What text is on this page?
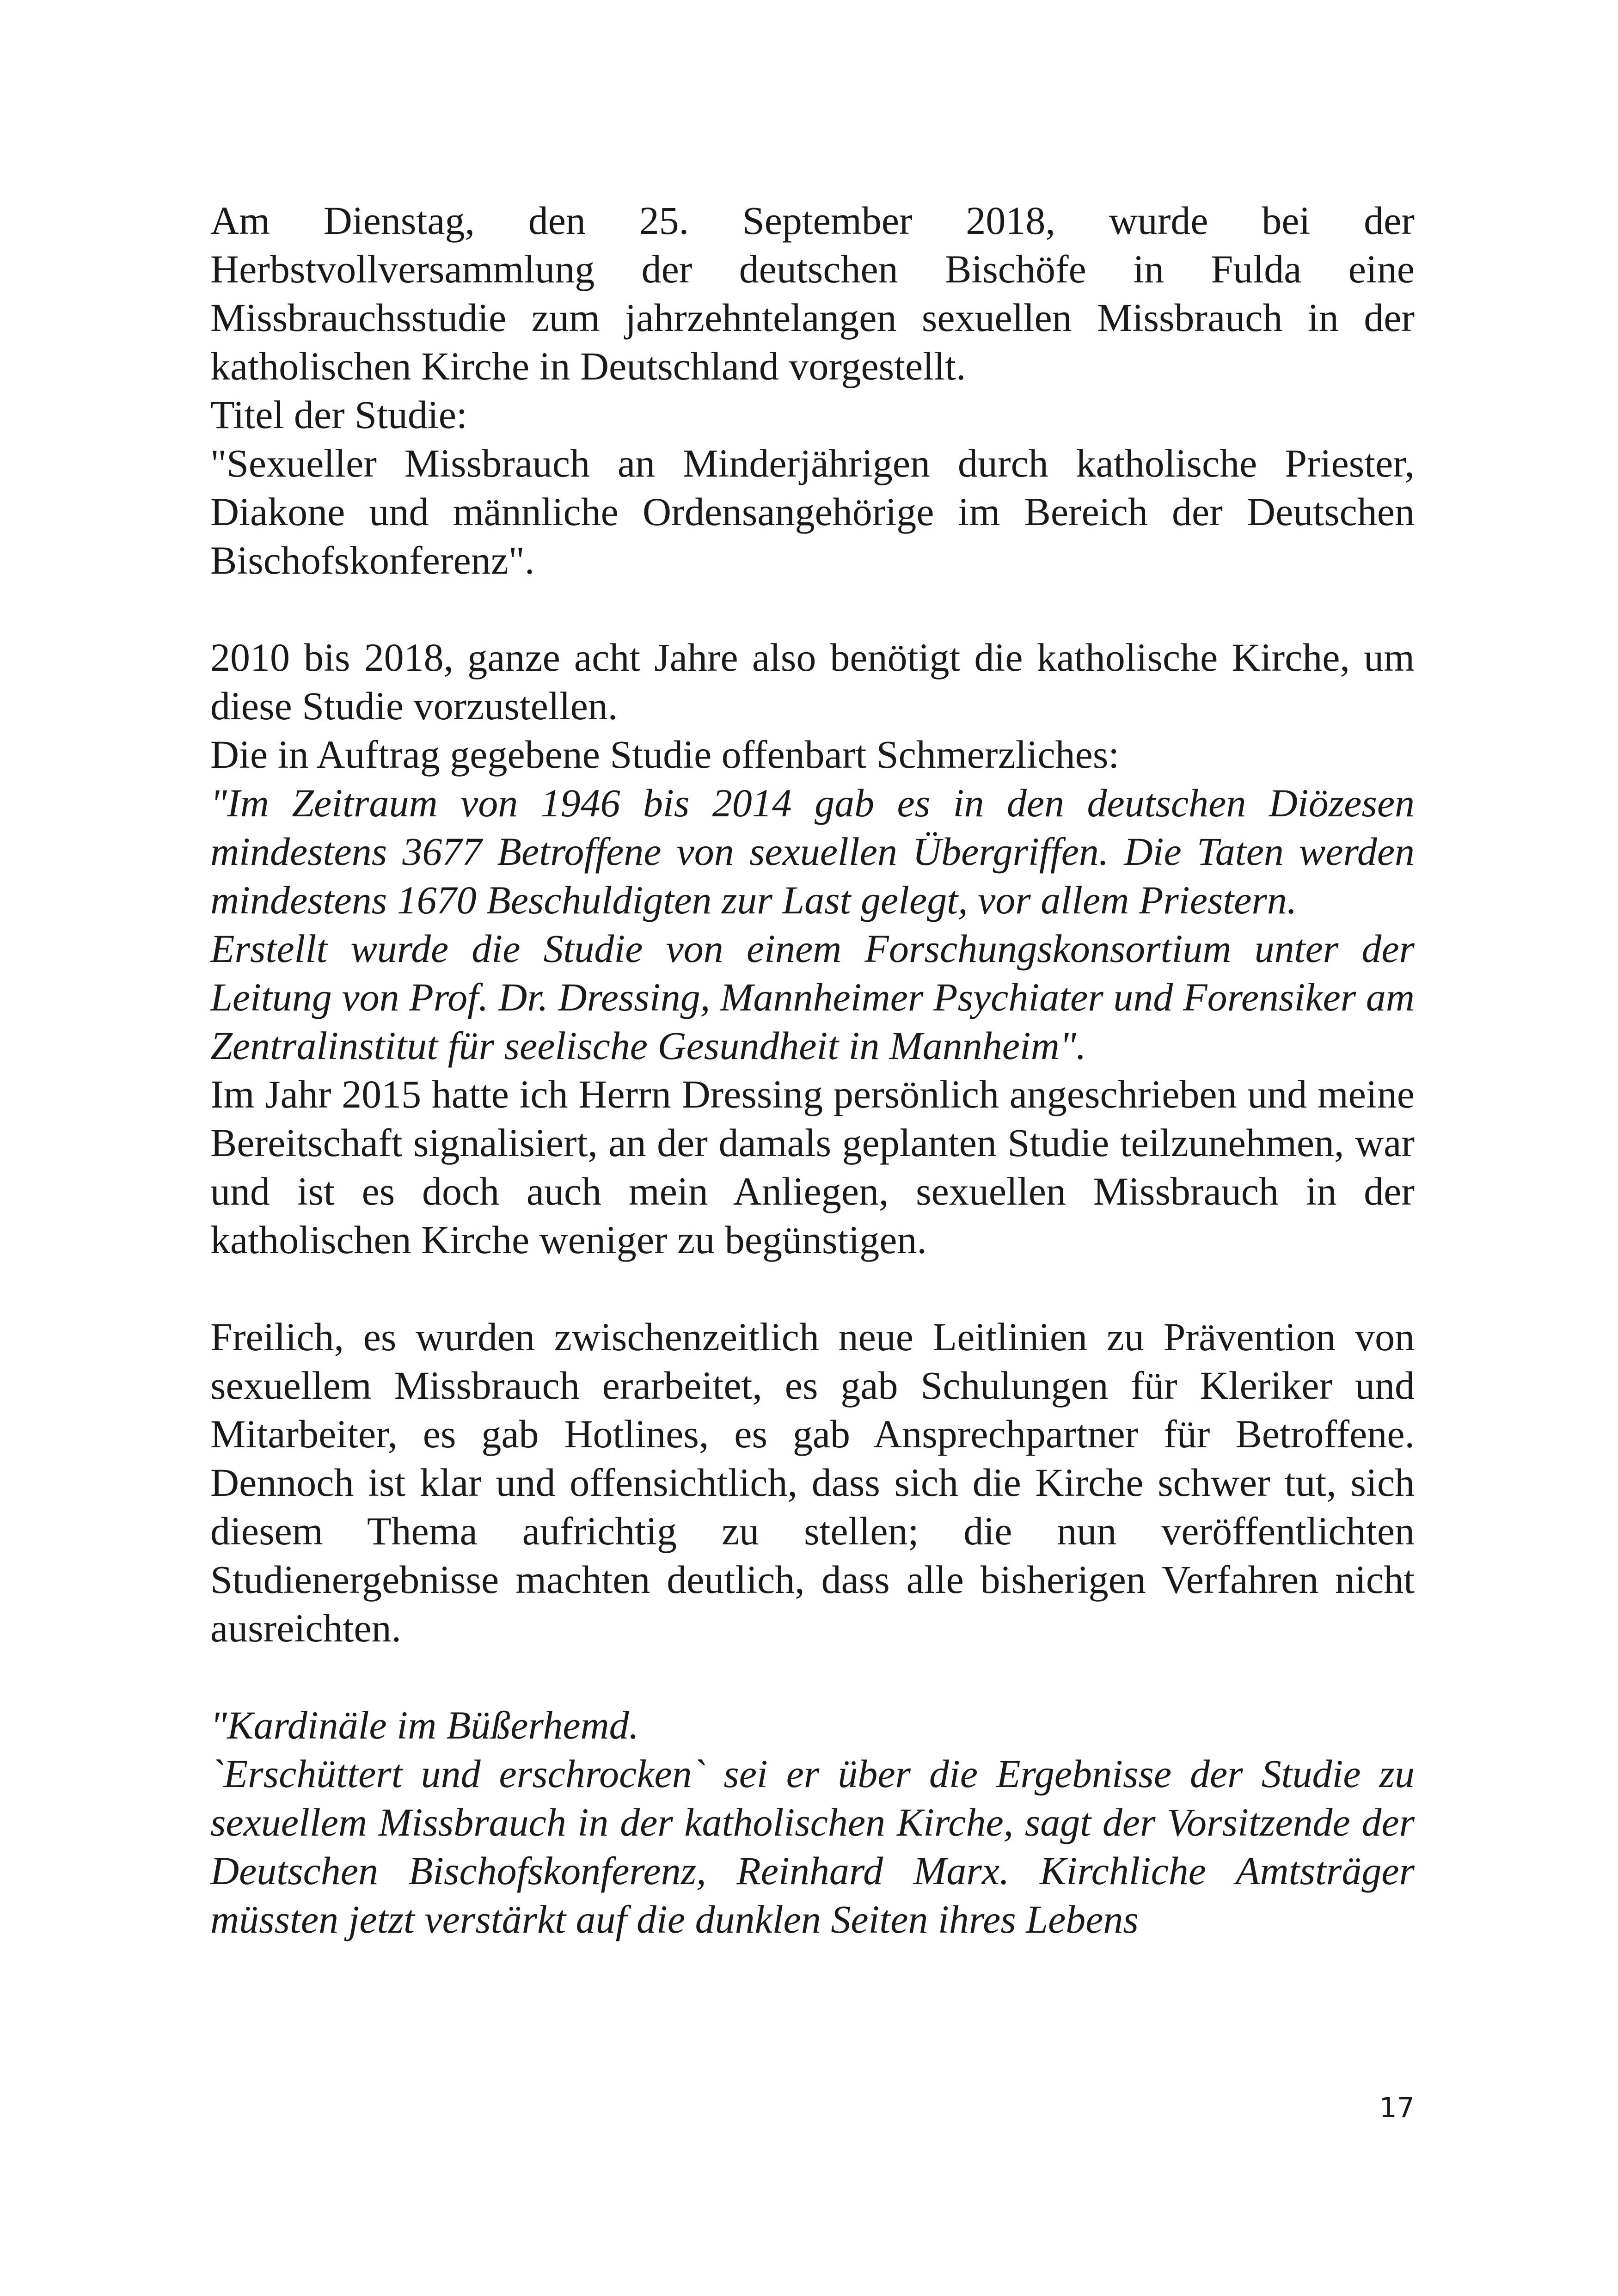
Am Dienstag, den 25. September 2018, wurde bei der Herbstvollversammlung der deutschen Bischöfe in Fulda eine Missbrauchsstudie zum jahrzehntelangen sexuellen Missbrauch in der katholischen Kirche in Deutschland vorgestellt.

Titel der Studie:

"Sexueller Missbrauch an Minderjährigen durch katholische Priester, Diakone und männliche Ordensangehörige im Bereich der Deutschen Bischofskonferenz".

2010 bis 2018, ganze acht Jahre also benötigt die katholische Kirche, um diese Studie vorzustellen.

Die in Auftrag gegebene Studie offenbart Schmerzliches:

"Im Zeitraum von 1946 bis 2014 gab es in den deutschen Diözesen mindestens 3677 Betroffene von sexuellen Übergriffen. Die Taten werden mindestens 1670 Beschuldigten zur Last gelegt, vor allem Priestern.

Erstellt wurde die Studie von einem Forschungskonsortium unter der Leitung von Prof. Dr. Dressing, Mannheimer Psychiater und Forensiker am Zentralinstitut für seelische Gesundheit in Mannheim".

Im Jahr 2015 hatte ich Herrn Dressing persönlich angeschrieben und meine Bereitschaft signalisiert, an der damals geplanten Studie teilzunehmen, war und ist es doch auch mein Anliegen, sexuellen Missbrauch in der katholischen Kirche weniger zu begünstigen.

Freilich, es wurden zwischenzeitlich neue Leitlinien zu Prävention von sexuellem Missbrauch erarbeitet, es gab Schulungen für Kleriker und Mitarbeiter, es gab Hotlines, es gab Ansprechpartner für Betroffene. Dennoch ist klar und offensichtlich, dass sich die Kirche schwer tut, sich diesem Thema aufrichtig zu stellen; die nun veröffentlichten Studienergebnisse machten deutlich, dass alle bisherigen Verfahren nicht ausreichten.

"Kardinäle im Büßerhemd.

`Erschüttert und erschrocken` sei er über die Ergebnisse der Studie zu sexuellem Missbrauch in der katholischen Kirche, sagt der Vorsitzende der Deutschen Bischofskonferenz, Reinhard Marx. Kirchliche Amtsträger müssten jetzt verstärkt auf die dunklen Seiten ihres Lebens

17
